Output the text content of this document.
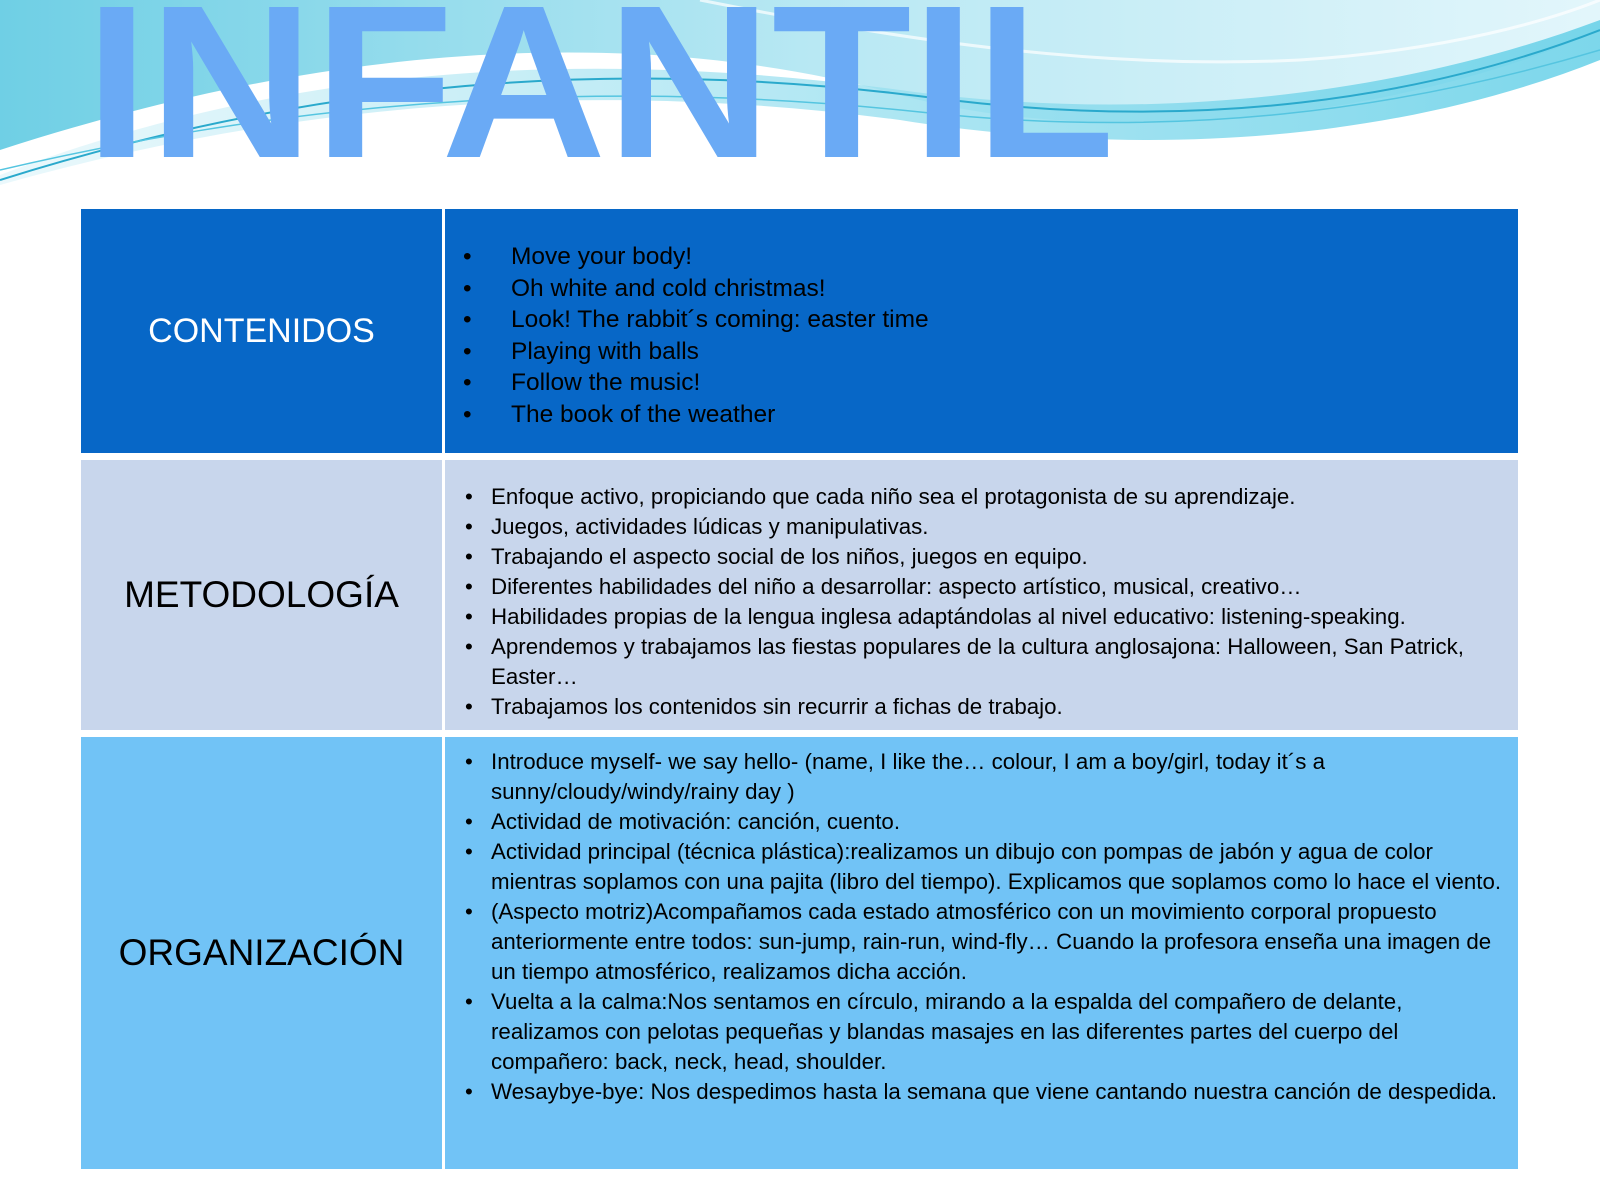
INFANTIL
CONTENIDOS
• Move your body!
• Oh white and cold christmas!
• Look! The rabbit´s coming: easter time
• Playing with balls
• Follow the music!
• The book of the weather
METODOLOGÍA
• Enfoque activo, propiciando que cada niño sea el protagonista de su aprendizaje.
• Juegos, actividades lúdicas y manipulativas.
• Trabajando el aspecto social de los niños, juegos en equipo.
• Diferentes habilidades del niño a desarrollar: aspecto artístico, musical, creativo…
• Habilidades propias de la lengua inglesa adaptándolas al nivel educativo: listening-speaking.
• Aprendemos y trabajamos las fiestas populares de la cultura anglosajona: Halloween, San Patrick, Easter…
• Trabajamos los contenidos sin recurrir a fichas de trabajo.
ORGANIZACIÓN
• Introduce myself- we say hello- (name, I like the… colour, I am a boy/girl, today it´s a sunny/cloudy/windy/rainy day )
• Actividad de motivación: canción, cuento.
• Actividad principal (técnica plástica):realizamos un dibujo con pompas de jabón y agua de color mientras soplamos con una pajita (libro del tiempo). Explicamos que soplamos como lo hace el viento.
• (Aspecto motriz)Acompañamos cada estado atmosférico con un movimiento corporal propuesto anteriormente entre todos: sun-jump, rain-run, wind-fly… Cuando la profesora enseña una imagen de un tiempo atmosférico, realizamos dicha acción.
• Vuelta a la calma:Nos sentamos en círculo, mirando a la espalda del compañero de delante, realizamos con pelotas pequeñas y blandas masajes en las diferentes partes del cuerpo del compañero: back, neck, head, shoulder.
• Wesaybye-bye: Nos despedimos hasta la semana que viene cantando nuestra canción de despedida.
